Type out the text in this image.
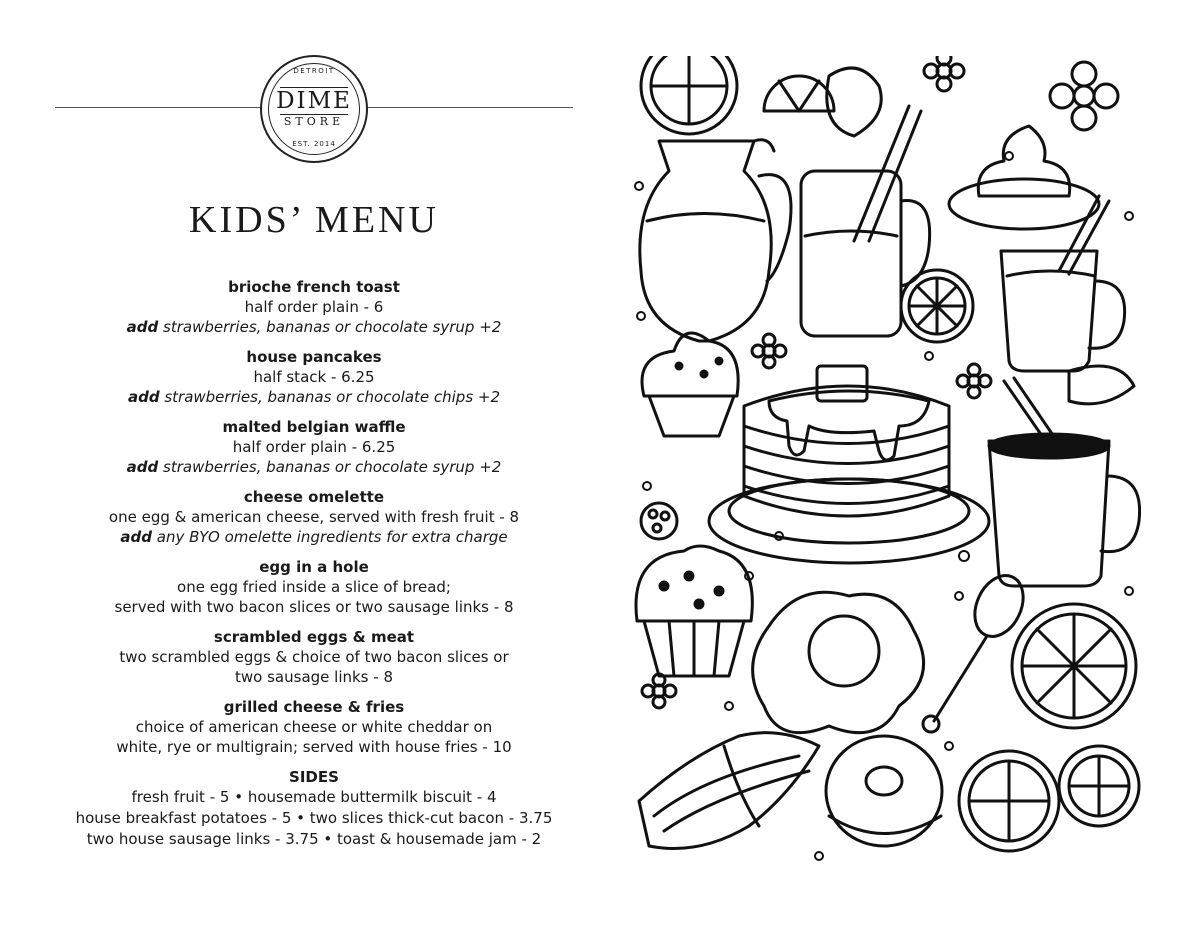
DETROIT
DIME
STORE
EST. 2014
KIDS’ MENU
brioche french toast
half order plain - 6
add strawberries, bananas or chocolate syrup +2
house pancakes
half stack - 6.25
add strawberries, bananas or chocolate chips +2
malted belgian waffle
half order plain - 6.25
add strawberries, bananas or chocolate syrup +2
cheese omelette
one egg & american cheese, served with fresh fruit - 8
add any BYO omelette ingredients for extra charge
egg in a hole
one egg fried inside a slice of bread;
served with two bacon slices or two sausage links - 8
scrambled eggs & meat
two scrambled eggs & choice of two bacon slices or
two sausage links - 8
grilled cheese & fries
choice of american cheese or white cheddar on
white, rye or multigrain; served with house fries - 10
SIDES
fresh fruit - 5 • housemade buttermilk biscuit - 4
house breakfast potatoes - 5 • two slices thick-cut bacon - 3.75
two house sausage links - 3.75 • toast & housemade jam - 2
